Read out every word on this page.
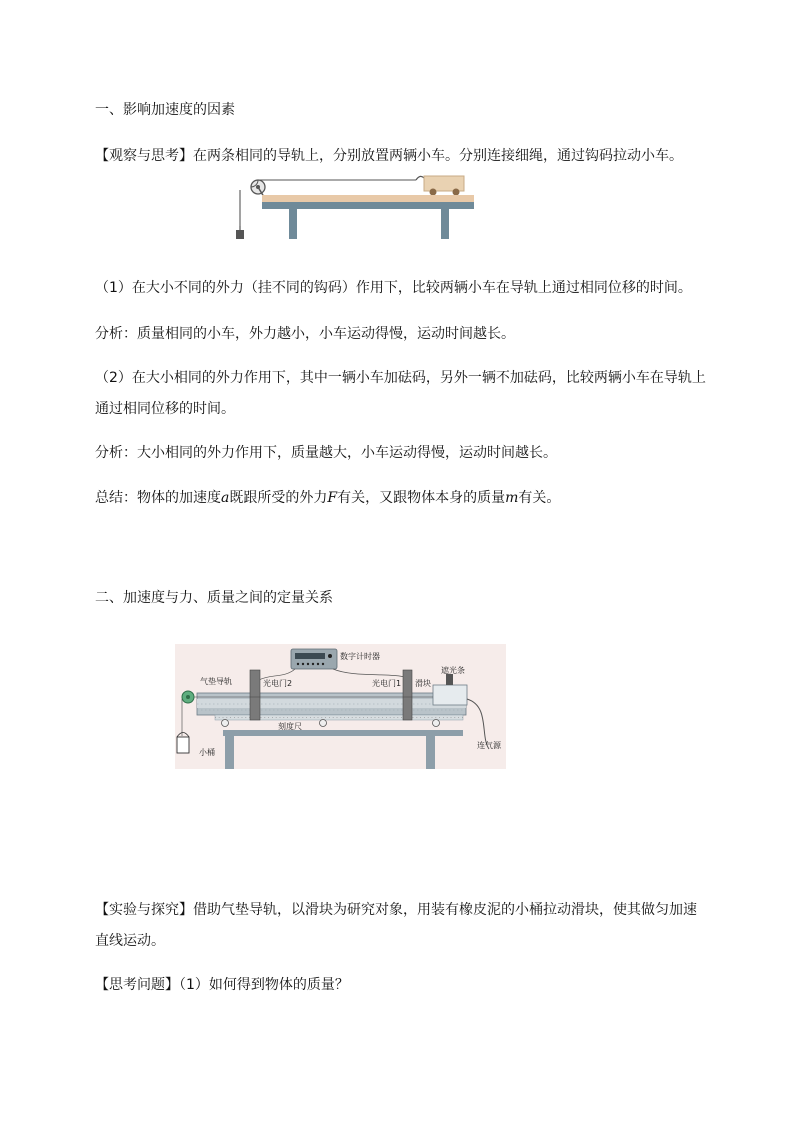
一、影响加速度的因素
【观察与思考】在两条相同的导轨上，分别放置两辆小车。分别连接细绳，通过钩码拉动小车。
（1）在大小不同的外力（挂不同的钩码）作用下，比较两辆小车在导轨上通过相同位移的时间。
分析：质量相同的小车，外力越小，小车运动得慢，运动时间越长。
（2）在大小相同的外力作用下，其中一辆小车加砝码，另外一辆不加砝码，比较两辆小车在导轨上
通过相同位移的时间。
分析：大小相同的外力作用下，质量越大，小车运动得慢，运动时间越长。
总结：物体的加速度a既跟所受的外力F有关，又跟物体本身的质量m有关。
二、加速度与力、质量之间的定量关系
数字计时器
气垫导轨	光电门2	光电门1 滑块
遮光条
刻度尺
小桶
连气源
【实验与探究】借助气垫导轨，以滑块为研究对象，用装有橡皮泥的小桶拉动滑块，使其做匀加速
直线运动。
【思考问题】（1）如何得到物体的质量？
